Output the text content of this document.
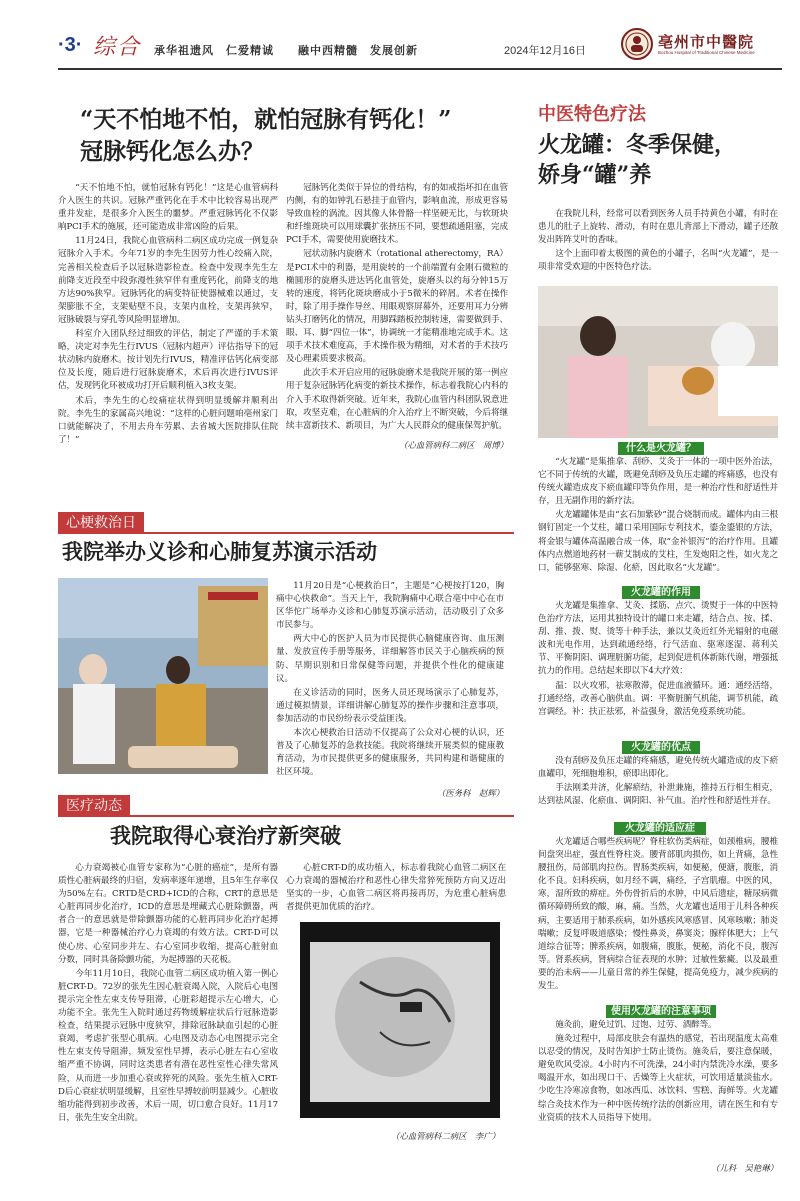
·3· 综合 承华祖遗风　仁爱精诚　　融中西精髓　发展创新	2024年12月16日	亳州市中醫院
Bozhou Hospital of Traditional Chinese Medicine
“天不怕地不怕，就怕冠脉有钙化！”
冠脉钙化怎么办？

“天不怕地不怕，就怕冠脉有钙化！”这是心血管病科介入医生的共识。冠脉严重钙化在手术中比较容易出现严重并发症，是很多介入医生的噩梦。严重冠脉钙化不仅影响PCI手术的施展，还可能造成非常凶险的后果。

11月24日，我院心血管病科二病区成功完成一例复杂冠脉介入手术。今年71岁的李先生因劳力性心绞痛入院，完善相关检查后予以冠脉造影检查。检查中发现李先生左前降支近段至中段弥漫性狭窄伴有重度钙化，前降支的地方达90%狭窄。冠脉钙化的病变特征使器械难以通过，支架膨胀不全，支架贴壁不良，支架内血栓，支架再狭窄，冠脉破裂与穿孔等风险明显增加。

科室介入团队经过细致的评估，制定了严谨的手术策略，决定对李先生行IVUS（冠脉内超声）评估指导下的冠状动脉内旋磨术。按计划先行IVUS，精准评估钙化病变部位及长度，随后进行冠脉旋磨术，术后再次进行IVUS评估，发现钙化环被成功打开后顺利植入3枚支架。

术后，李先生的心绞痛症状得到明显缓解并顺利出院。李先生的家属高兴地说：“这样的心脏问题咱亳州家门口就能解决了，不用去舟车劳累、去省城大医院排队住院了！”

冠脉钙化类似于异位的骨结构，有的如戒指坏扣在血管内侧，有的如钟乳石悬挂于血管内，影响血流，形成更容易导致血栓的涡流。因其像人体骨骼一样坚硬无比，与软斑块和纤维斑块可以用球囊扩张挤压不同，要想疏通阻塞，完成PCI手术，需要使用旋磨技术。

冠状动脉内旋磨术（rotational atherectomy，RA）是PCI术中的利器，是用旋转的一个前端置有金刚石微粒的椭圆形的旋磨头进达钙化血管处，旋磨头以约每分钟15万转的速度，将钙化斑块磨成小于5微米的碎屑。术者在操作时，除了用手操作导丝、用眼观察屏幕外，还要用耳力分辨钻头打磨钙化的情况，用脚踩踏板控制转速，需要做到手、眼、耳、脚“四位一体”，协调统一才能精准地完成手术。这项手术技术难度高，手术操作极为精细，对术者的手术技巧及心理素质要求极高。

此次手术开启应用的冠脉旋磨术是我院开展的第一例应用于复杂冠脉钙化病变的新技术操作，标志着我院心内科的介入手术取得新突破。近年来，我院心血管内科团队锐意进取，攻坚克难，在心脏病的介入治疗上不断突破，今后将继续丰富新技术、新项目，为广大人民群众的健康保驾护航。

（心血管病科二病区　周博）

心梗救治日
我院举办义诊和心肺复苏演示活动

11月20日是“心梗救治日”，主题是“心梗按打120，胸痛中心快救命”。当天上午，我院胸痛中心联合亳中中心在市区华佗广场举办义诊和心肺复苏演示活动，活动吸引了众多市民参与。

两大中心的医护人员为市民提供心脑健康咨询、血压测量、发放宣传手册等服务，详细解答市民关于心脑疾病的预防、早期识别和日常保健等问题，并提供个性化的健康建议。

在义诊活动的同时，医务人员还现场演示了心肺复苏，通过模拟情景，详细讲解心肺复苏的操作步骤和注意事项，参加活动的市民纷纷表示受益匪浅。

本次心梗救治日活动不仅提高了公众对心梗的认识，还普及了心肺复苏的急救技能。我院将继续开展类似的健康教育活动，为市民提供更多的健康服务，共同构建和谐健康的社区环境。

（医务科　赵辉）

医疗动态
我院取得心衰治疗新突破

心力衰竭被心血管专家称为“心脏的癌症”，是所有器质性心脏病最终的归宿，发病率逐年递增，且5年生存率仅为50%左右。CRTD是CRD+ICD的合称，CRT的意思是心脏再同步化治疗，ICD的意思是埋藏式心脏除颤器，两者合一的意思就是带除颤器功能的心脏再同步化治疗起搏器，它是一种器械治疗心力衰竭的有效方法。CRT-D可以使心房、心室同步并左、右心室同步收缩，提高心脏射血分数，同时具备除颤功能，为起搏器的天花板。

今年11月10日，我院心血管二病区成功植入第一例心脏CRT-D。72岁的张先生因心脏衰竭入院，入院后心电图提示完全性左束支传导阻滞，心脏彩超提示左心增大，心功能不全。张先生入院时通过药物缓解症状后行冠脉造影检查，结果提示冠脉中度狭窄，排除冠脉缺血引起的心脏衰竭，考虑扩张型心肌病。心电图及动态心电图提示完全性左束支传导阻滞，频发室性早搏，表示心脏左右心室收缩严重不协调，同时这类患者有潜在恶性室性心律失常风险，从而进一步加重心衰或猝死的风险。张先生植入CRT-D后心衰症状明显缓解，且室性早搏较前明显减少。心脏收缩功能得到初步改善，术后一周，切口愈合良好。11月17日，张先生安全出院。

心脏CRT-D的成功植入，标志着我院心血管二病区在心力衰竭的器械治疗和恶性心律失常猝死预防方向又迈出坚实的一步，心血管二病区将再接再厉，为危重心脏病患者提供更加优质的治疗。

（心血管病科二病区　李广）
中医特色疗法
火龙罐：冬季保健，
娇身“罐”养

在我院儿科，经常可以看到医务人员手持黄色小罐，有时在患儿的肚子上旋转、滑动，有时在患儿背部上下滑动，罐子还散发出阵阵艾叶的香味。

这个上面印着太极图的黄色的小罐子，名叫“火龙罐”，是一项非常受欢迎的中医特色疗法。

什么是火龙罐？

“火龙罐”是集推拿、刮痧、艾灸于一体的一项中医外治法，它不同于传统的火罐，既避免刮痧及负压走罐的疼痛感，也没有传统火罐造成皮下瘀血罐印等负作用，是一种治疗性和舒适性并存，且无副作用的新疗法。

火龙罐罐体是由“玄石加紫砂”混合烧制而成。罐体内由三根钢钉固定一个艾柱，罐口采用国际专利技术，鎏金鎏银的方法，将金银与罐体高温融合成一体，取“金补银泻”的治疗作用。且罐体内点燃道地药材一蕲艾制成的艾柱，生发炮阳之性，如火龙之口，能够驱寒、除湿、化瘀，因此取名“火龙罐”。

火龙罐的作用

火龙罐是集推拿、艾灸、揉筋、点穴、烫熨于一体的中医特色治疗方法，运用其独特设计的罐口来走罐，结合点、按、揉、刮、推、拨、熨、烫等十种手法，兼以艾灸近红外光辐射的电磁波和光电作用，达到疏通经络，行气活血、驱寒逐湿、蒋利关节、平衡阴阳、调理脏腑功能，起到促进机体新陈代谢，增强抵抗力的作用。总结起来即以下4大疗效：

温：以火攻邪，祛寒散滞，促进血液循环。通：通经活络，打通经络，改善心脑供血。调：平衡脏腑气机能，调节机能，疏宫调经。补：扶正祛邪，补益强身，激活免疫系统功能。

火龙罐的优点

没有刮痧及负压走罐的疼痛感，避免传统火罐造成的皮下瘀血罐印，死细胞堆积，瘀即出即化。

手法刚柔并济，化解瘀结，补泄兼施，推持五行相生相克，达到祛风湿、化瘀血、调阴阳、补气血。治疗性和舒适性并存。

火龙罐的适应症

火龙罐适合哪些疾病呢？脊柱软伤类病症，如颈椎病，腰椎间盘突出症，强直性脊柱炎。腰背部肌肉损伤，如上背痛，急性腰扭伤，局部肌肉拉伤。胃肠类疾病，如便秘，便溏，腹胀，消化不良。妇科疾病，如月经不调，痛经，子宫肌瘤。中医的风，寒，湿所致的痹症。外伤骨折后的水肿，中风后遗症，糖尿病微循环障碍所致的酸，麻，痛。当然，火龙罐也适用于儿科各种疾病，主要适用于肺系疾病，如外感疾风寒感冒、风寒咳嗽；肺炎喘嗽；反复呼吸道感染；慢性鼻炎，鼻窦炎；腺样体肥大；上气道综合征等；脾系疾病，如腹痛，腹胀，便秘，消化不良，腹泻等。肾系疾病，肾病综合征表现的水肿；过敏性紫癜。以及最重要的治未病——儿童日常的养生保健，提高免疫力，减少疾病的发生。

使用火龙罐的注意事项

施灸前，避免过饥、过饱、过劳、酒醉等。

施灸过程中，局部皮肤会有温热的感觉，若出现温度太高难以忍受的情况，及时告知护士防止烫伤。施灸后，要注意保暖，避免吹风受凉。4小时内不可洗澡，24小时内禁洗冷水澡，要多喝温开水，如出现口干、舌燥等上火症状，可饮用适量淡盐水。少吃生冷寒凉食物，如冰西瓜、冰饮料、雪糕、海鲜等。火龙罐综合灸技术作为一种中医传统疗法的创新应用，请在医生和有专业资质的技术人员指导下使用。

（儿科　吴艳琳）
